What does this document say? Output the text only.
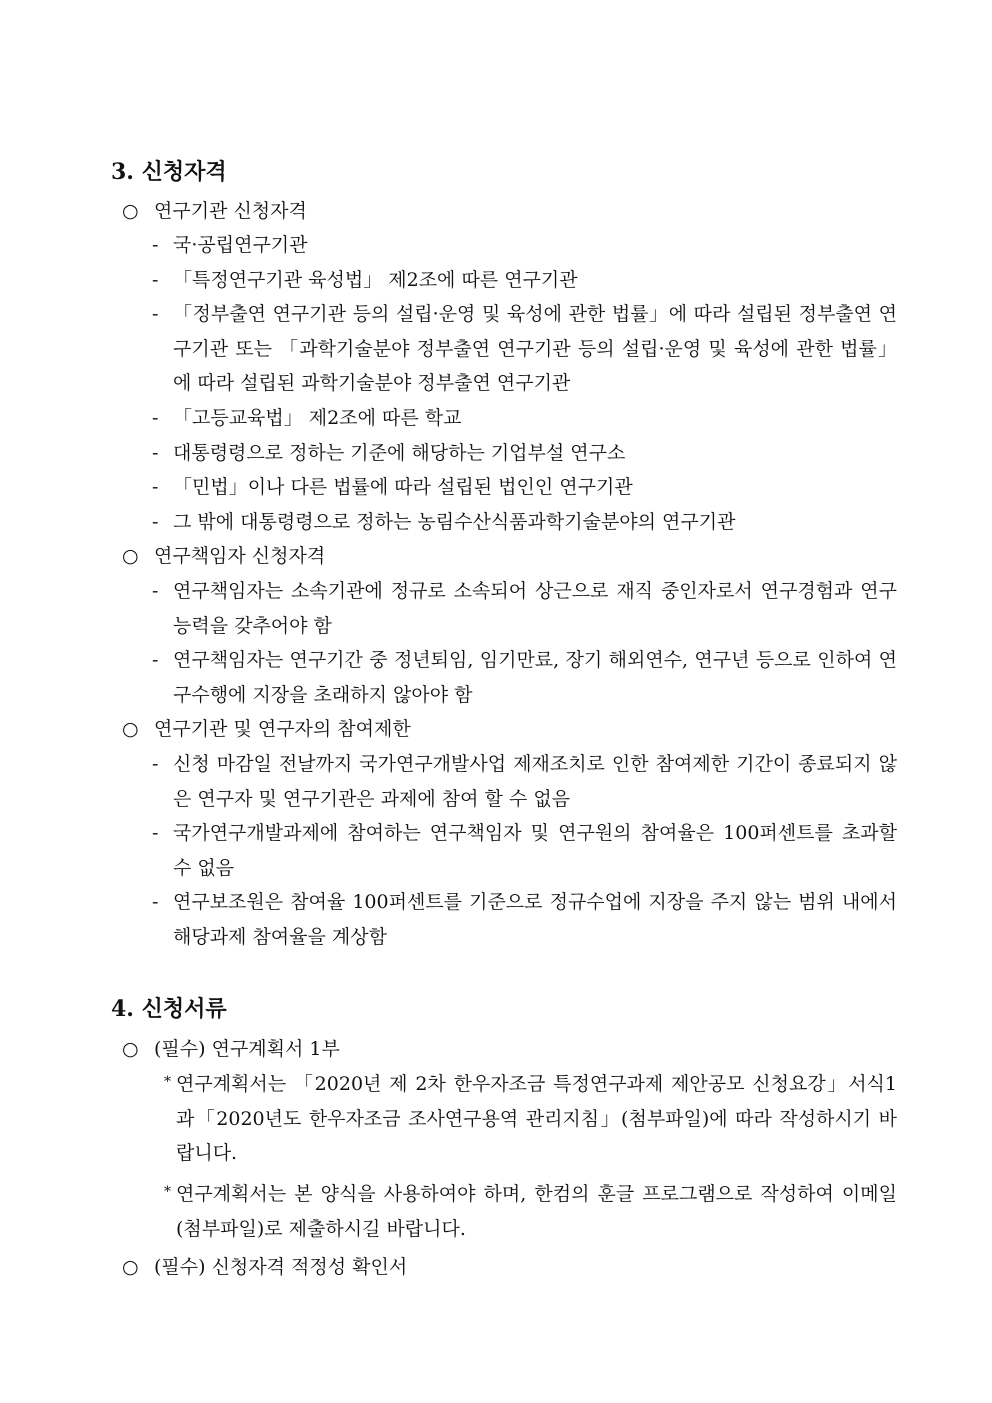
3. 신청자격
○ 연구기관 신청자격
- 국·공립연구기관
- 「특정연구기관 육성법」 제2조에 따른 연구기관
- 「정부출연 연구기관 등의 설립·운영 및 육성에 관한 법률」에 따라 설립된 정부출연 연구기관 또는 「과학기술분야 정부출연 연구기관 등의 설립·운영 및 육성에 관한 법률」에 따라 설립된 과학기술분야 정부출연 연구기관
- 「고등교육법」 제2조에 따른 학교
- 대통령령으로 정하는 기준에 해당하는 기업부설 연구소
- 「민법」이나 다른 법률에 따라 설립된 법인인 연구기관
- 그 밖에 대통령령으로 정하는 농림수산식품과학기술분야의 연구기관
○ 연구책임자 신청자격
- 연구책임자는 소속기관에 정규로 소속되어 상근으로 재직 중인자로서 연구경험과 연구능력을 갖추어야 함
- 연구책임자는 연구기간 중 정년퇴임, 임기만료, 장기 해외연수, 연구년 등으로 인하여 연구수행에 지장을 초래하지 않아야 함
○ 연구기관 및 연구자의 참여제한
- 신청 마감일 전날까지 국가연구개발사업 제재조치로 인한 참여제한 기간이 종료되지 않은 연구자 및 연구기관은 과제에 참여 할 수 없음
- 국가연구개발과제에 참여하는 연구책임자 및 연구원의 참여율은 100퍼센트를 초과할 수 없음
- 연구보조원은 참여율 100퍼센트를 기준으로 정규수업에 지장을 주지 않는 범위 내에서 해당과제 참여율을 계상함
4. 신청서류
○ (필수) 연구계획서 1부
* 연구계획서는 「2020년 제 2차 한우자조금 특정연구과제 제안공모 신청요강」서식1과「2020년도 한우자조금 조사연구용역 관리지침」(첨부파일)에 따라 작성하시기 바랍니다.
* 연구계획서는 본 양식을 사용하여야 하며, 한컴의 훈글 프로그램으로 작성하여 이메일(첨부파일)로 제출하시길 바랍니다.
○ (필수) 신청자격 적정성 확인서
